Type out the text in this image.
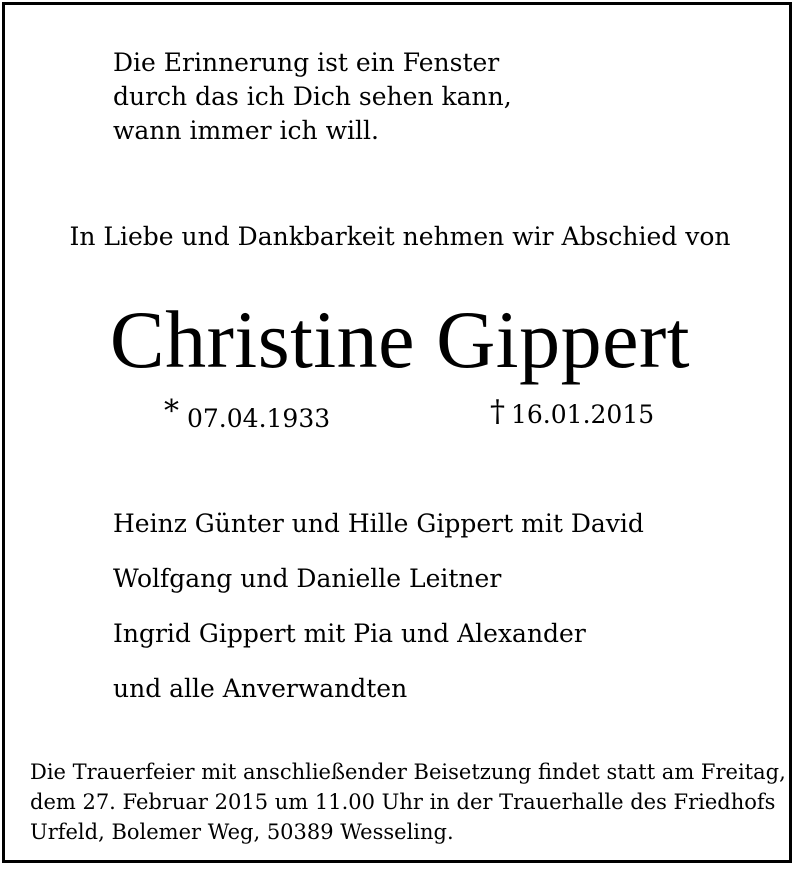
Die Erinnerung ist ein Fenster
durch das ich Dich sehen kann,
wann immer ich will.
In Liebe und Dankbarkeit nehmen wir Abschied von
Christine Gippert
* 07.04.1933	† 16.01.2015
Heinz Günter und Hille Gippert mit David
Wolfgang und Danielle Leitner
Ingrid Gippert mit Pia und Alexander
und alle Anverwandten
Die Trauerfeier mit anschließender Beisetzung findet statt am Freitag,
dem 27. Februar 2015 um 11.00 Uhr in der Trauerhalle des Friedhofs
Urfeld, Bolemer Weg, 50389 Wesseling.
